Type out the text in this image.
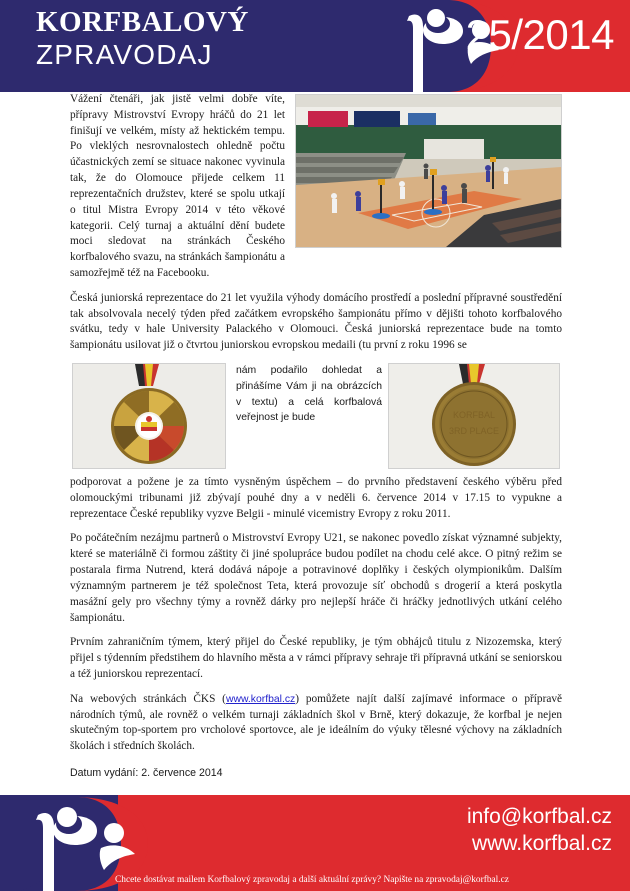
KORFBALOVÝ
ZPRAVODAJ	25/2014

Vážení čtenáři, jak jistě velmi dobře víte, přípravy Mistrovství Evropy hráčů do 21 let finišují ve velkém, místy až hektickém tempu. Po vleklých nesrovnalostech ohledně počtu účastnických zemí se situace nakonec vyvinula tak, že do Olomouce přijede celkem 11 reprezentačních družstev, které se spolu utkají o titul Mistra Evropy 2014 v této věkové kategorii. Celý turnaj a aktuální dění budete moci sledovat na stránkách Českého korfbalového svazu, na stránkách šampionátu a samozřejmě též na Facebooku.

Česká juniorská reprezentace do 21 let využila výhody domácího prostředí a poslední přípravné soustředění tak absolvovala necelý týden před začátkem evropského šampionátu přímo v dějišti tohoto korfbalového svátku, tedy v hale University Palackého v Olomouci. Česká juniorská reprezentace bude na tomto šampionátu usilovat již o čtvrtou juniorskou evropskou medaili (tu první z roku 1996 se

nám podařilo dohledat a přinášíme Vám ji na obrázcích v textu) a celá korfbalová veřejnost je bude	KORFBAL
3RD PLACE

podporovat a požene je za tímto vysněným úspěchem – do prvního představení českého výběru před olomouckými tribunami již zbývají pouhé dny a v neděli 6. července 2014 v 17.15 to vypukne a reprezentace České republiky vyzve Belgii - minulé vicemistry Evropy z roku 2011.

Po počátečním nezájmu partnerů o Mistrovství Evropy U21, se nakonec povedlo získat významné subjekty, které se materiálně či formou záštity či jiné spolupráce budou podílet na chodu celé akce. O pitný režim se postarala firma Nutrend, která dodává nápoje a potravinové doplňky i českých olympionikům. Dalším významným partnerem je též společnost Teta, která provozuje síť obchodů s drogerií a která poskytla masážní gely pro všechny týmy a rovněž dárky pro nejlepší hráče či hráčky jednotlivých utkání celého šampionátu.

Prvním zahraničním týmem, který přijel do České republiky, je tým obhájců titulu z Nizozemska, který přijel s týdenním předstihem do hlavního města a v rámci přípravy sehraje tři přípravná utkání se seniorskou a též juniorskou reprezentací.

Na webových stránkách ČKS (www.korfbal.cz) pomůžete najít další zajímavé informace o přípravě národních týmů, ale rovněž o velkém turnaji základních škol v Brně, který dokazuje, že korfbal je nejen skutečným top-sportem pro vrcholové sportovce, ale je ideálním do výuky tělesné výchovy na základních školách i středních školách.

Datum vydání: 2. července 2014

info@korfbal.cz
www.korfbal.cz
Chcete dostávat mailem Korfbalový zpravodaj a další aktuální zprávy? Napište na zpravodaj@korfbal.cz
